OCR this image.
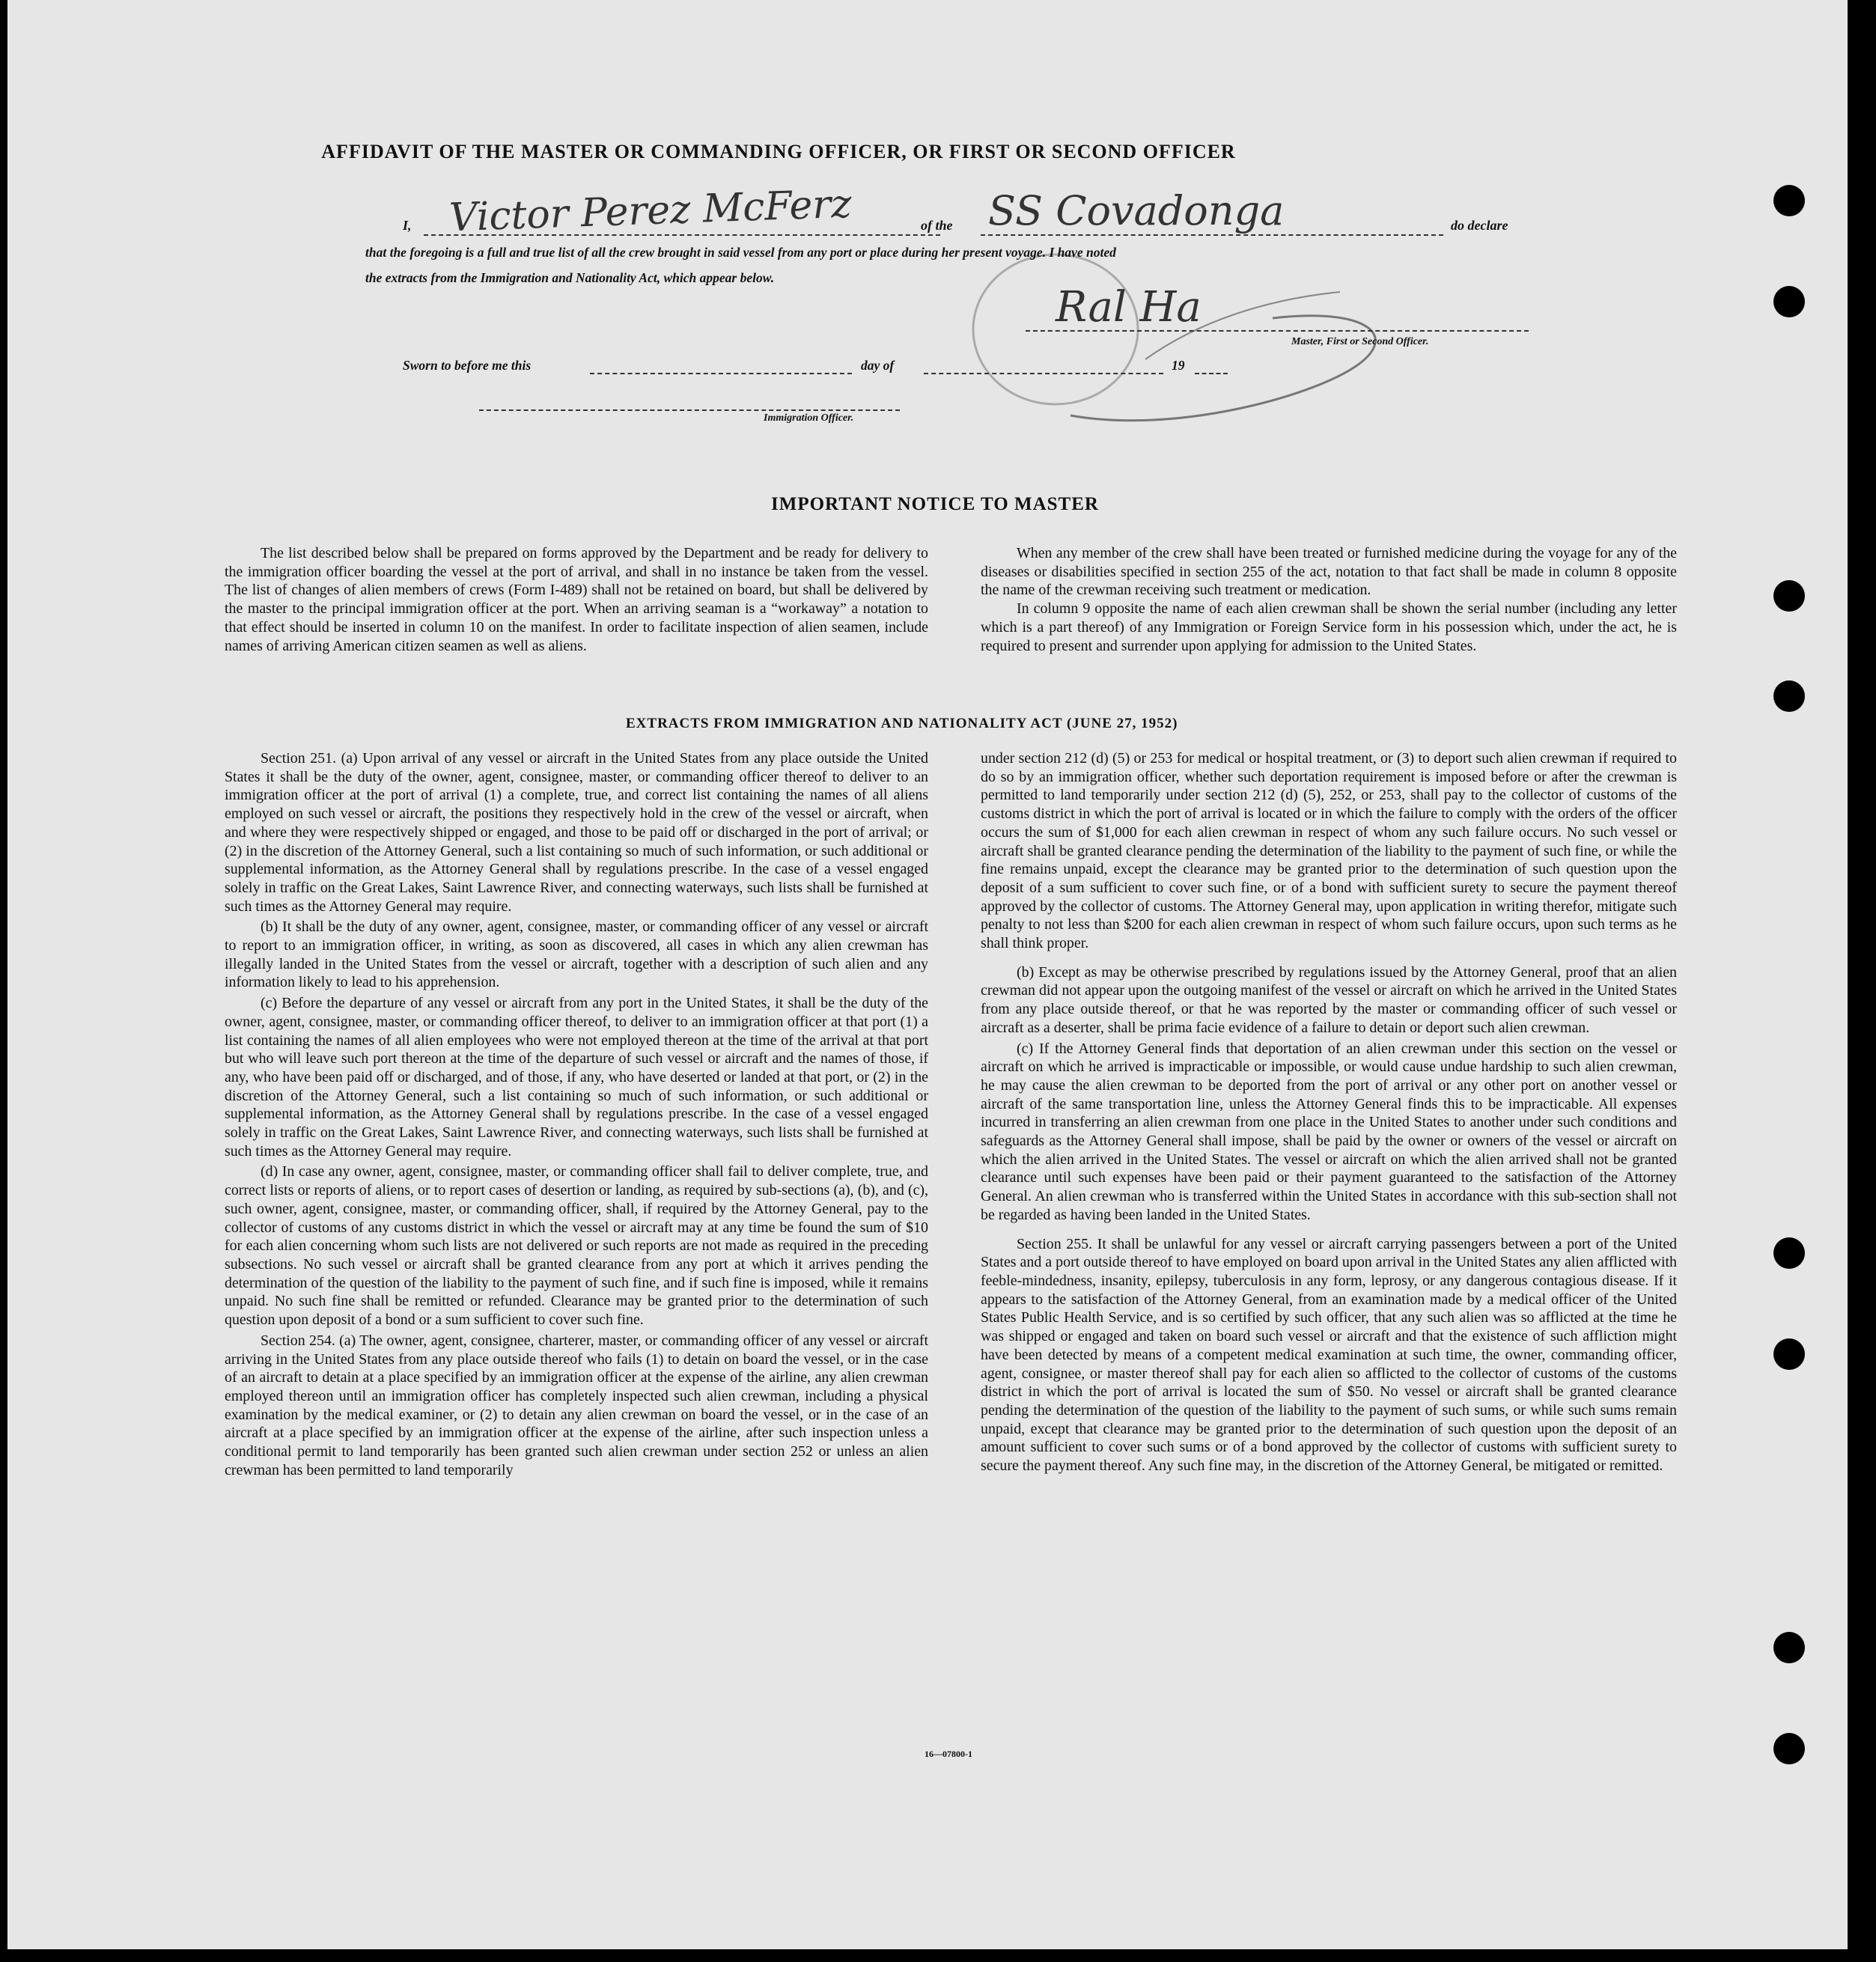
AFFIDAVIT OF THE MASTER OR COMMANDING OFFICER, OR FIRST OR SECOND OFFICER
I, Victor Perez McFerz	of the SS Covadonga	do declare
that the foregoing is a full and true list of all the crew brought in said vessel from any port or place during her present voyage. I have noted
the extracts from the Immigration and Nationality Act, which appear below.
Ral Ha
Master, First or Second Officer.
Sworn to before me this	day of	19
Immigration Officer.
IMPORTANT NOTICE TO MASTER

The list described below shall be prepared on forms approved by the Department and be ready for delivery to the immigration officer boarding the vessel at the port of arrival, and shall in no instance be taken from the vessel. The list of changes of alien members of crews (Form I-489) shall not be retained on board, but shall be delivered by the master to the principal immigration officer at the port. When an arriving seaman is a “workaway” a notation to that effect should be inserted in column 10 on the manifest. In order to facilitate inspection of alien seamen, include names of arriving American citizen seamen as well as aliens.

When any member of the crew shall have been treated or furnished medicine during the voyage for any of the diseases or disabilities specified in section 255 of the act, notation to that fact shall be made in column 8 opposite the name of the crewman receiving such treatment or medication.

In column 9 opposite the name of each alien crewman shall be shown the serial number (including any letter which is a part thereof) of any Immigration or Foreign Service form in his possession which, under the act, he is required to present and surrender upon applying for admission to the United States.

EXTRACTS FROM IMMIGRATION AND NATIONALITY ACT (JUNE 27, 1952)

Section 251. (a) Upon arrival of any vessel or aircraft in the United States from any place outside the United States it shall be the duty of the owner, agent, consignee, master, or commanding officer thereof to deliver to an immigration officer at the port of arrival (1) a complete, true, and correct list containing the names of all aliens employed on such vessel or aircraft, the positions they respectively hold in the crew of the vessel or aircraft, when and where they were respectively shipped or engaged, and those to be paid off or discharged in the port of arrival; or (2) in the discretion of the Attorney General, such a list containing so much of such information, or such additional or supplemental information, as the Attorney General shall by regulations prescribe. In the case of a vessel engaged solely in traffic on the Great Lakes, Saint Lawrence River, and connecting waterways, such lists shall be furnished at such times as the Attorney General may require.

(b) It shall be the duty of any owner, agent, consignee, master, or commanding officer of any vessel or aircraft to report to an immigration officer, in writing, as soon as discovered, all cases in which any alien crewman has illegally landed in the United States from the vessel or aircraft, together with a description of such alien and any information likely to lead to his apprehension.

(c) Before the departure of any vessel or aircraft from any port in the United States, it shall be the duty of the owner, agent, consignee, master, or commanding officer thereof, to deliver to an immigration officer at that port (1) a list containing the names of all alien employees who were not employed thereon at the time of the arrival at that port but who will leave such port thereon at the time of the departure of such vessel or aircraft and the names of those, if any, who have been paid off or discharged, and of those, if any, who have deserted or landed at that port, or (2) in the discretion of the Attorney General, such a list containing so much of such information, or such additional or supplemental information, as the Attorney General shall by regulations prescribe. In the case of a vessel engaged solely in traffic on the Great Lakes, Saint Lawrence River, and connecting waterways, such lists shall be furnished at such times as the Attorney General may require.

(d) In case any owner, agent, consignee, master, or commanding officer shall fail to deliver complete, true, and correct lists or reports of aliens, or to report cases of desertion or landing, as required by sub-sections (a), (b), and (c), such owner, agent, consignee, master, or commanding officer, shall, if required by the Attorney General, pay to the collector of customs of any customs district in which the vessel or aircraft may at any time be found the sum of $10 for each alien concerning whom such lists are not delivered or such reports are not made as required in the preceding subsections. No such vessel or aircraft shall be granted clearance from any port at which it arrives pending the determination of the question of the liability to the payment of such fine, and if such fine is imposed, while it remains unpaid. No such fine shall be remitted or refunded. Clearance may be granted prior to the determination of such question upon deposit of a bond or a sum sufficient to cover such fine.

Section 254. (a) The owner, agent, consignee, charterer, master, or commanding officer of any vessel or aircraft arriving in the United States from any place outside thereof who fails (1) to detain on board the vessel, or in the case of an aircraft to detain at a place specified by an immigration officer at the expense of the airline, any alien crewman employed thereon until an immigration officer has completely inspected such alien crewman, including a physical examination by the medical examiner, or (2) to detain any alien crewman on board the vessel, or in the case of an aircraft at a place specified by an immigration officer at the expense of the airline, after such inspection unless a conditional permit to land temporarily has been granted such alien crewman under section 252 or unless an alien crewman has been permitted to land temporarily

under section 212 (d) (5) or 253 for medical or hospital treatment, or (3) to deport such alien crewman if required to do so by an immigration officer, whether such deportation requirement is imposed before or after the crewman is permitted to land temporarily under section 212 (d) (5), 252, or 253, shall pay to the collector of customs of the customs district in which the port of arrival is located or in which the failure to comply with the orders of the officer occurs the sum of $1,000 for each alien crewman in respect of whom any such failure occurs. No such vessel or aircraft shall be granted clearance pending the determination of the liability to the payment of such fine, or while the fine remains unpaid, except the clearance may be granted prior to the determination of such question upon the deposit of a sum sufficient to cover such fine, or of a bond with sufficient surety to secure the payment thereof approved by the collector of customs. The Attorney General may, upon application in writing therefor, mitigate such penalty to not less than $200 for each alien crewman in respect of whom such failure occurs, upon such terms as he shall think proper.

(b) Except as may be otherwise prescribed by regulations issued by the Attorney General, proof that an alien crewman did not appear upon the outgoing manifest of the vessel or aircraft on which he arrived in the United States from any place outside thereof, or that he was reported by the master or commanding officer of such vessel or aircraft as a deserter, shall be prima facie evidence of a failure to detain or deport such alien crewman.

(c) If the Attorney General finds that deportation of an alien crewman under this section on the vessel or aircraft on which he arrived is impracticable or impossible, or would cause undue hardship to such alien crewman, he may cause the alien crewman to be deported from the port of arrival or any other port on another vessel or aircraft of the same transportation line, unless the Attorney General finds this to be impracticable. All expenses incurred in transferring an alien crewman from one place in the United States to another under such conditions and safeguards as the Attorney General shall impose, shall be paid by the owner or owners of the vessel or aircraft on which the alien arrived in the United States. The vessel or aircraft on which the alien arrived shall not be granted clearance until such expenses have been paid or their payment guaranteed to the satisfaction of the Attorney General. An alien crewman who is transferred within the United States in accordance with this sub-section shall not be regarded as having been landed in the United States.

Section 255. It shall be unlawful for any vessel or aircraft carrying passengers between a port of the United States and a port outside thereof to have employed on board upon arrival in the United States any alien afflicted with feeble-mindedness, insanity, epilepsy, tuberculosis in any form, leprosy, or any dangerous contagious disease. If it appears to the satisfaction of the Attorney General, from an examination made by a medical officer of the United States Public Health Service, and is so certified by such officer, that any such alien was so afflicted at the time he was shipped or engaged and taken on board such vessel or aircraft and that the existence of such affliction might have been detected by means of a competent medical examination at such time, the owner, commanding officer, agent, consignee, or master thereof shall pay for each alien so afflicted to the collector of customs of the customs district in which the port of arrival is located the sum of $50. No vessel or aircraft shall be granted clearance pending the determination of the question of the liability to the payment of such sums, or while such sums remain unpaid, except that clearance may be granted prior to the determination of such question upon the deposit of an amount sufficient to cover such sums or of a bond approved by the collector of customs with sufficient surety to secure the payment thereof. Any such fine may, in the discretion of the Attorney General, be mitigated or remitted.

16—07800-1
